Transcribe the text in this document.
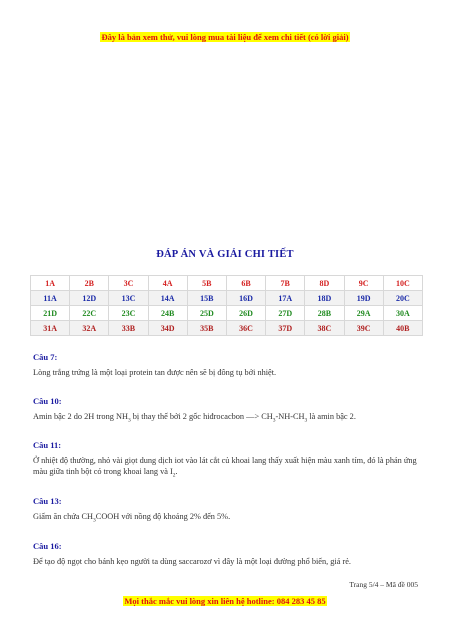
Đây là bản xem thử, vui lòng mua tài liệu để xem chi tiết (có lời giải)
ĐÁP ÁN VÀ GIẢI CHI TIẾT
1A	2B	3C	4A	5B	6B	7B	8D	9C	10C
11A	12D	13C	14A	15B	16D	17A	18D	19D	20C
21D	22C	23C	24B	25D	26D	27D	28B	29A	30A
31A	32A	33B	34D	35B	36C	37D	38C	39C	40B
Câu 7:
Lòng trắng trứng là một loại protein tan được nên sẽ bị đông tụ bởi nhiệt.
Câu 10:
Amin bậc 2 do 2H trong $NH_3$ bị thay thế bởi 2 gốc hiđrocacbon —> $CH_3-NH-CH_3$ là amin bậc 2.
Câu 11:
Ở nhiệt độ thường, nhỏ vài giọt dung dịch iot vào lát cắt củ khoai lang thấy xuất hiện màu xanh tím, đó là phản ứng màu giữa tinh bột có trong khoai lang và $I_2$.
Câu 13:
Giấm ăn chứa $CH_3COOH$ với nồng độ khoảng 2% đến 5%.
Câu 16:
Để tạo độ ngọt cho bánh kẹo người ta dùng saccarozơ vì đây là một loại đường phổ biến, giá rẻ.
Trang 5/4 – Mã đề 005
Mọi thắc mắc vui lòng xin liên hệ hotline: 084 283 45 85
